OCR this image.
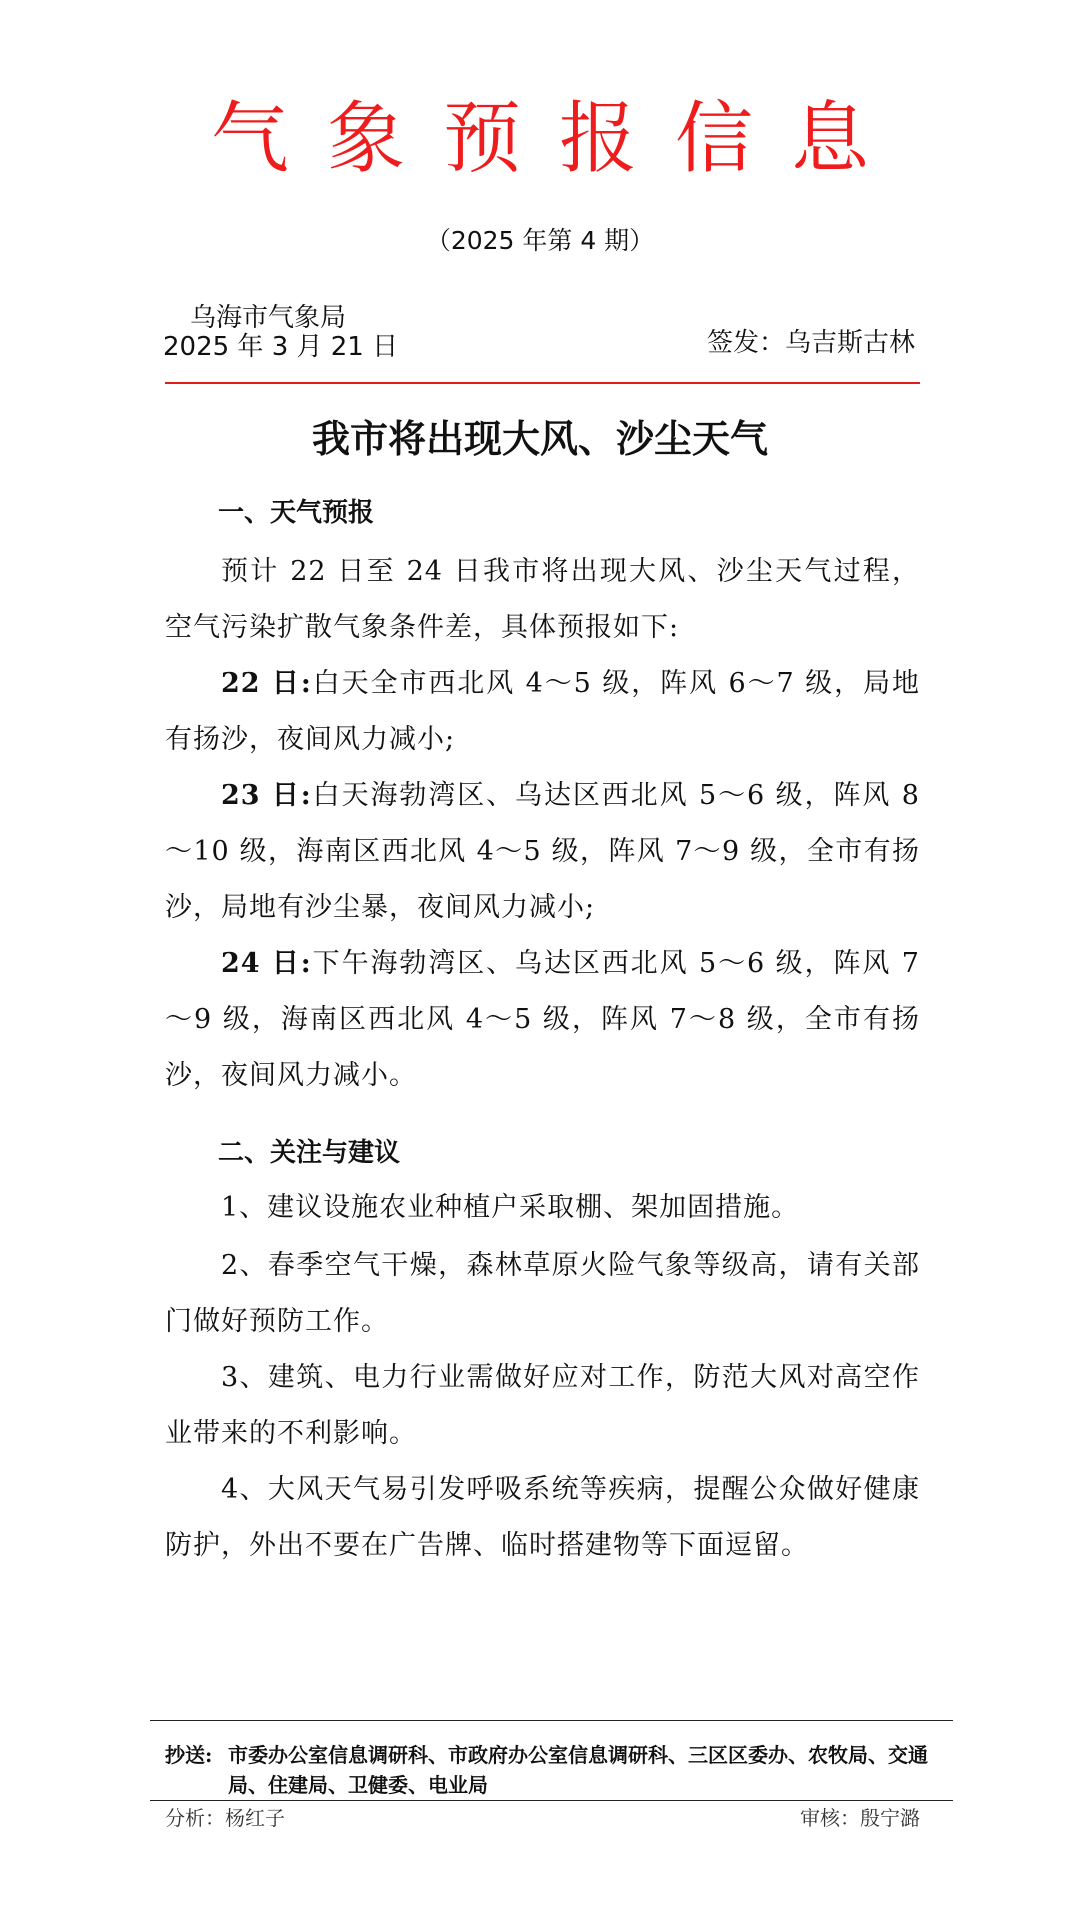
气象预报信息
（2025 年第 4 期）
乌海市气象局
2025 年 3 月 21 日	签发：乌吉斯古林
我市将出现大风、沙尘天气
一、天气预报

预计 22 日至 24 日我市将出现大风、沙尘天气过程，空气污染扩散气象条件差，具体预报如下:

22 日:白天全市西北风 4～5 级，阵风 6～7 级，局地有扬沙，夜间风力减小;

23 日:白天海勃湾区、乌达区西北风 5～6 级，阵风 8～10 级，海南区西北风 4～5 级，阵风 7～9 级，全市有扬沙，局地有沙尘暴，夜间风力减小;

24 日:下午海勃湾区、乌达区西北风 5～6 级，阵风 7～9 级，海南区西北风 4～5 级，阵风 7～8 级，全市有扬沙，夜间风力减小。

二、关注与建议

1、建议设施农业种植户采取棚、架加固措施。

2、春季空气干燥，森林草原火险气象等级高，请有关部门做好预防工作。

3、建筑、电力行业需做好应对工作，防范大风对高空作业带来的不利影响。

4、大风天气易引发呼吸系统等疾病，提醒公众做好健康防护，外出不要在广告牌、临时搭建物等下面逗留。

抄送: 市委办公室信息调研科、市政府办公室信息调研科、三区区委办、农牧局、交通局、住建局、卫健委、电业局
分析：杨红子	审核：殷宁潞
